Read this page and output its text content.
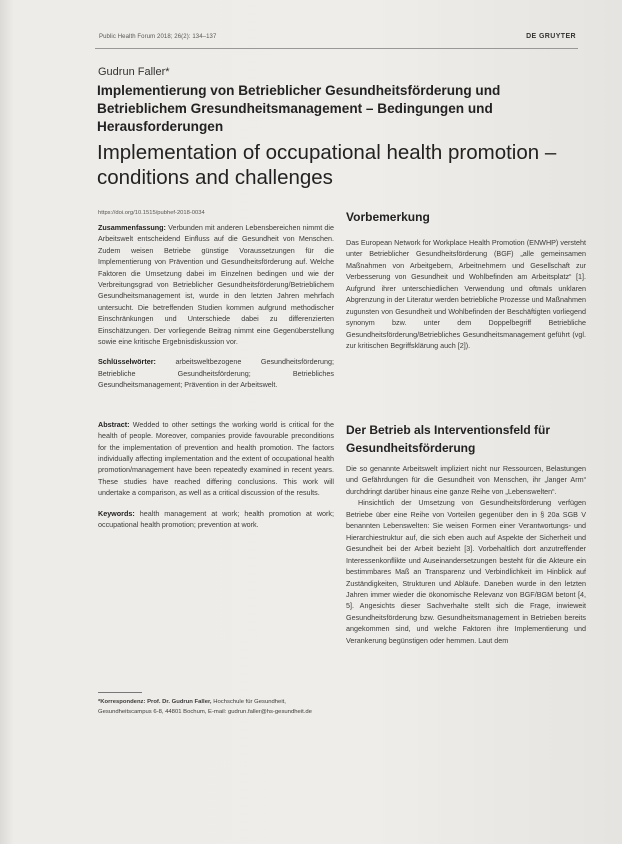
Public Health Forum 2018; 26(2): 134–137	DE GRUYTER
Gudrun Faller*
Implementierung von Betrieblicher Gesundheitsförderung und Betrieblichem Gresundheitsmanagement – Bedingungen und Herausforderungen
Implementation of occupational health promotion – conditions and challenges
https://doi.org/10.1515/pubhef-2018-0034

Zusammenfassung: Verbunden mit anderen Lebensbereichen nimmt die Arbeitswelt entscheidend Einfluss auf die Gesundheit von Menschen. Zudem weisen Betriebe günstige Voraussetzungen für die Implementierung von Prävention und Gesundheitsförderung auf. Welche Faktoren die Umsetzung dabei im Einzelnen bedingen und wie der Verbreitungsgrad von Betrieblicher Gesundheitsförderung/Betrieblichem Gesundheitsmanagement ist, wurde in den letzten Jahren mehrfach untersucht. Die betreffenden Studien kommen aufgrund methodischer Einschränkungen und Unterschiede dabei zu differenzierten Einschätzungen. Der vorliegende Beitrag nimmt eine Gegenüberstellung sowie eine kritische Ergebnisdiskussion vor.

Schlüsselwörter:	arbeitsweltbezogene Gesundheitsförderung; Betriebliche Gesundheitsförderung; Betriebliches Gesundheitsmanagement; Prävention in der Arbeitswelt.

Abstract: Wedded to other settings the working world is critical for the health of people. Moreover, companies provide favourable preconditions for the implementation of prevention and health promotion. The factors individually affecting implementation and the extent of occupational health promotion/management have been repeatedly examined in recent years. These studies have reached differing conclusions. This work will undertake a comparison, as well as a critical discussion of the results.

Keywords: health management at work; health promotion at work; occupational health promotion; prevention at work.

*Korrespondenz: Prof. Dr. Gudrun Faller, Hochschule für Gesundheit, Gesundheitscampus 6-8, 44801 Bochum, E-mail: gudrun.faller@hs-gesundheit.de
Vorbemerkung

Das European Network for Workplace Health Promotion (ENWHP) versteht unter Betrieblicher Gesundheitsförderung (BGF) „alle gemeinsamen Maßnahmen von Arbeitgebern, Arbeitnehmern und Gesellschaft zur Verbesserung von Gesundheit und Wohlbefinden am Arbeitsplatz“ [1]. Aufgrund ihrer unterschiedlichen Verwendung und oftmals unklaren Abgrenzung in der Literatur werden betriebliche Prozesse und Maßnahmen zugunsten von Gesundheit und Wohlbefinden der Beschäftigten vorliegend synonym bzw. unter dem Doppelbegriff Betriebliche Gesundheitsförderung/Betriebliches Gesundheitsmanagement geführt (vgl. zur kritischen Begriffsklärung auch [2]).

Der Betrieb als Interventionsfeld für Gesundheitsförderung

Die so genannte Arbeitswelt impliziert nicht nur Ressourcen, Belastungen und Gefährdungen für die Gesundheit von Menschen, ihr „langer Arm“ durchdringt darüber hinaus eine ganze Reihe von „Lebenswelten“.

Hinsichtlich der Umsetzung von Gesundheitsförderung verfügen Betriebe über eine Reihe von Vorteilen gegenüber den in § 20a SGB V benannten Lebenswelten: Sie weisen Formen einer Verantwortungs- und Hierarchiestruktur auf, die sich eben auch auf Aspekte der Sicherheit und Gesundheit bei der Arbeit bezieht [3]. Vorbehaltlich dort anzutreffender Interessenkonflikte und Auseinandersetzungen besteht für die Akteure ein bestimmbares Maß an Transparenz und Verbindlichkeit im Hinblick auf Zuständigkeiten, Strukturen und Abläufe. Daneben wurde in den letzten Jahren immer wieder die ökonomische Relevanz von BGF/BGM betont [4, 5]. Angesichts dieser Sachverhalte stellt sich die Frage, inwieweit Gesundheitsförderung bzw. Gesundheitsmanagement in Betrieben bereits angekommen sind, und welche Faktoren ihre Implementierung und Verankerung begünstigen oder hemmen. Laut dem
